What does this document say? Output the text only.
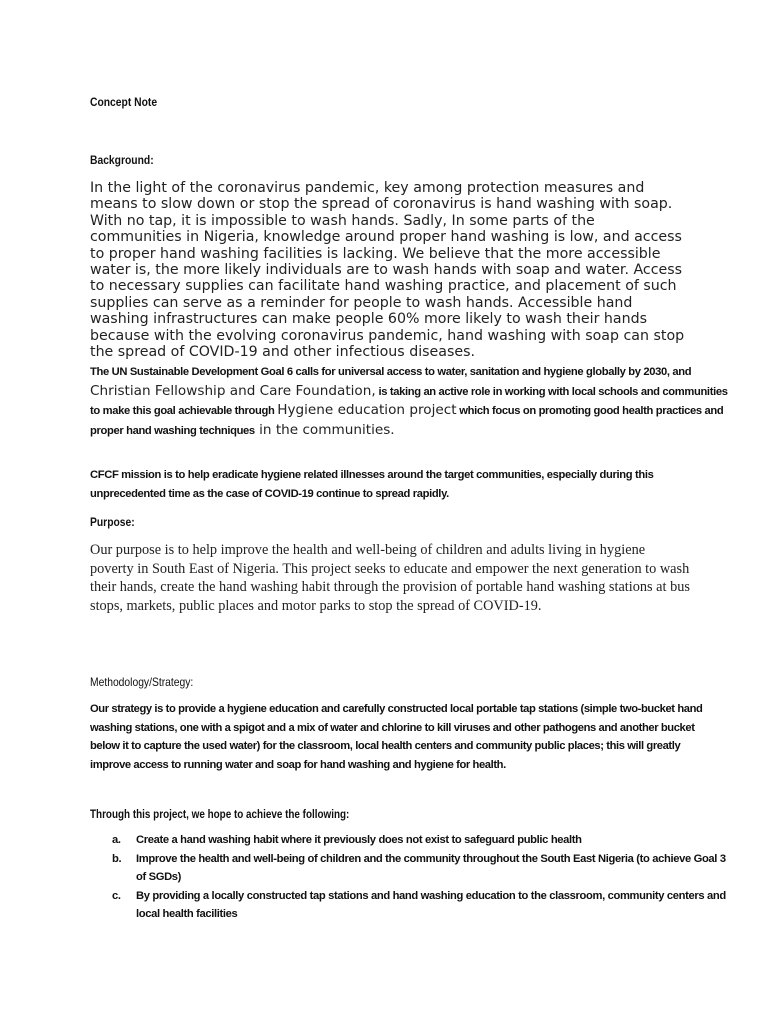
Concept Note
Background:
In the light of the coronavirus pandemic, key among protection measures and means to slow down or stop the spread of coronavirus is hand washing with soap. With no tap, it is impossible to wash hands. Sadly, In some parts of the communities in Nigeria, knowledge around proper hand washing is low, and access to proper hand washing facilities is lacking. We believe that the more accessible water is, the more likely individuals are to wash hands with soap and water. Access to necessary supplies can facilitate hand washing practice, and placement of such supplies can serve as a reminder for people to wash hands. Accessible hand washing infrastructures can make people 60% more likely to wash their hands because with the evolving coronavirus pandemic, hand washing with soap can stop the spread of COVID-19 and other infectious diseases.
The UN Sustainable Development Goal 6 calls for universal access to water, sanitation and hygiene globally by 2030, and Christian Fellowship and Care Foundation, is taking an active role in working with local schools and communities to make this goal achievable through Hygiene education project which focus on promoting good health practices and proper hand washing techniques in the communities.
CFCF mission is to help eradicate hygiene related illnesses around the target communities, especially during this unprecedented time as the case of COVID-19 continue to spread rapidly.
Purpose:
Our purpose is to help improve the health and well-being of children and adults living in hygiene poverty in South East of Nigeria. This project seeks to educate and empower the next generation to wash their hands, create the hand washing habit through the provision of portable hand washing stations at bus stops, markets, public places and motor parks to stop the spread of COVID-19.
Methodology/Strategy:
Our strategy is to provide a hygiene education and carefully constructed local portable tap stations (simple two-bucket hand washing stations, one with a spigot and a mix of water and chlorine to kill viruses and other pathogens and another bucket below it to capture the used water) for the classroom, local health centers and community public places; this will greatly improve access to running water and soap for hand washing and hygiene for health.
Through this project, we hope to achieve the following:
a. Create a hand washing habit where it previously does not exist to safeguard public health
b. Improve the health and well-being of children and the community throughout the South East Nigeria (to achieve Goal 3 of SGDs)
c. By providing a locally constructed tap stations and hand washing education to the classroom, community centers and local health facilities
